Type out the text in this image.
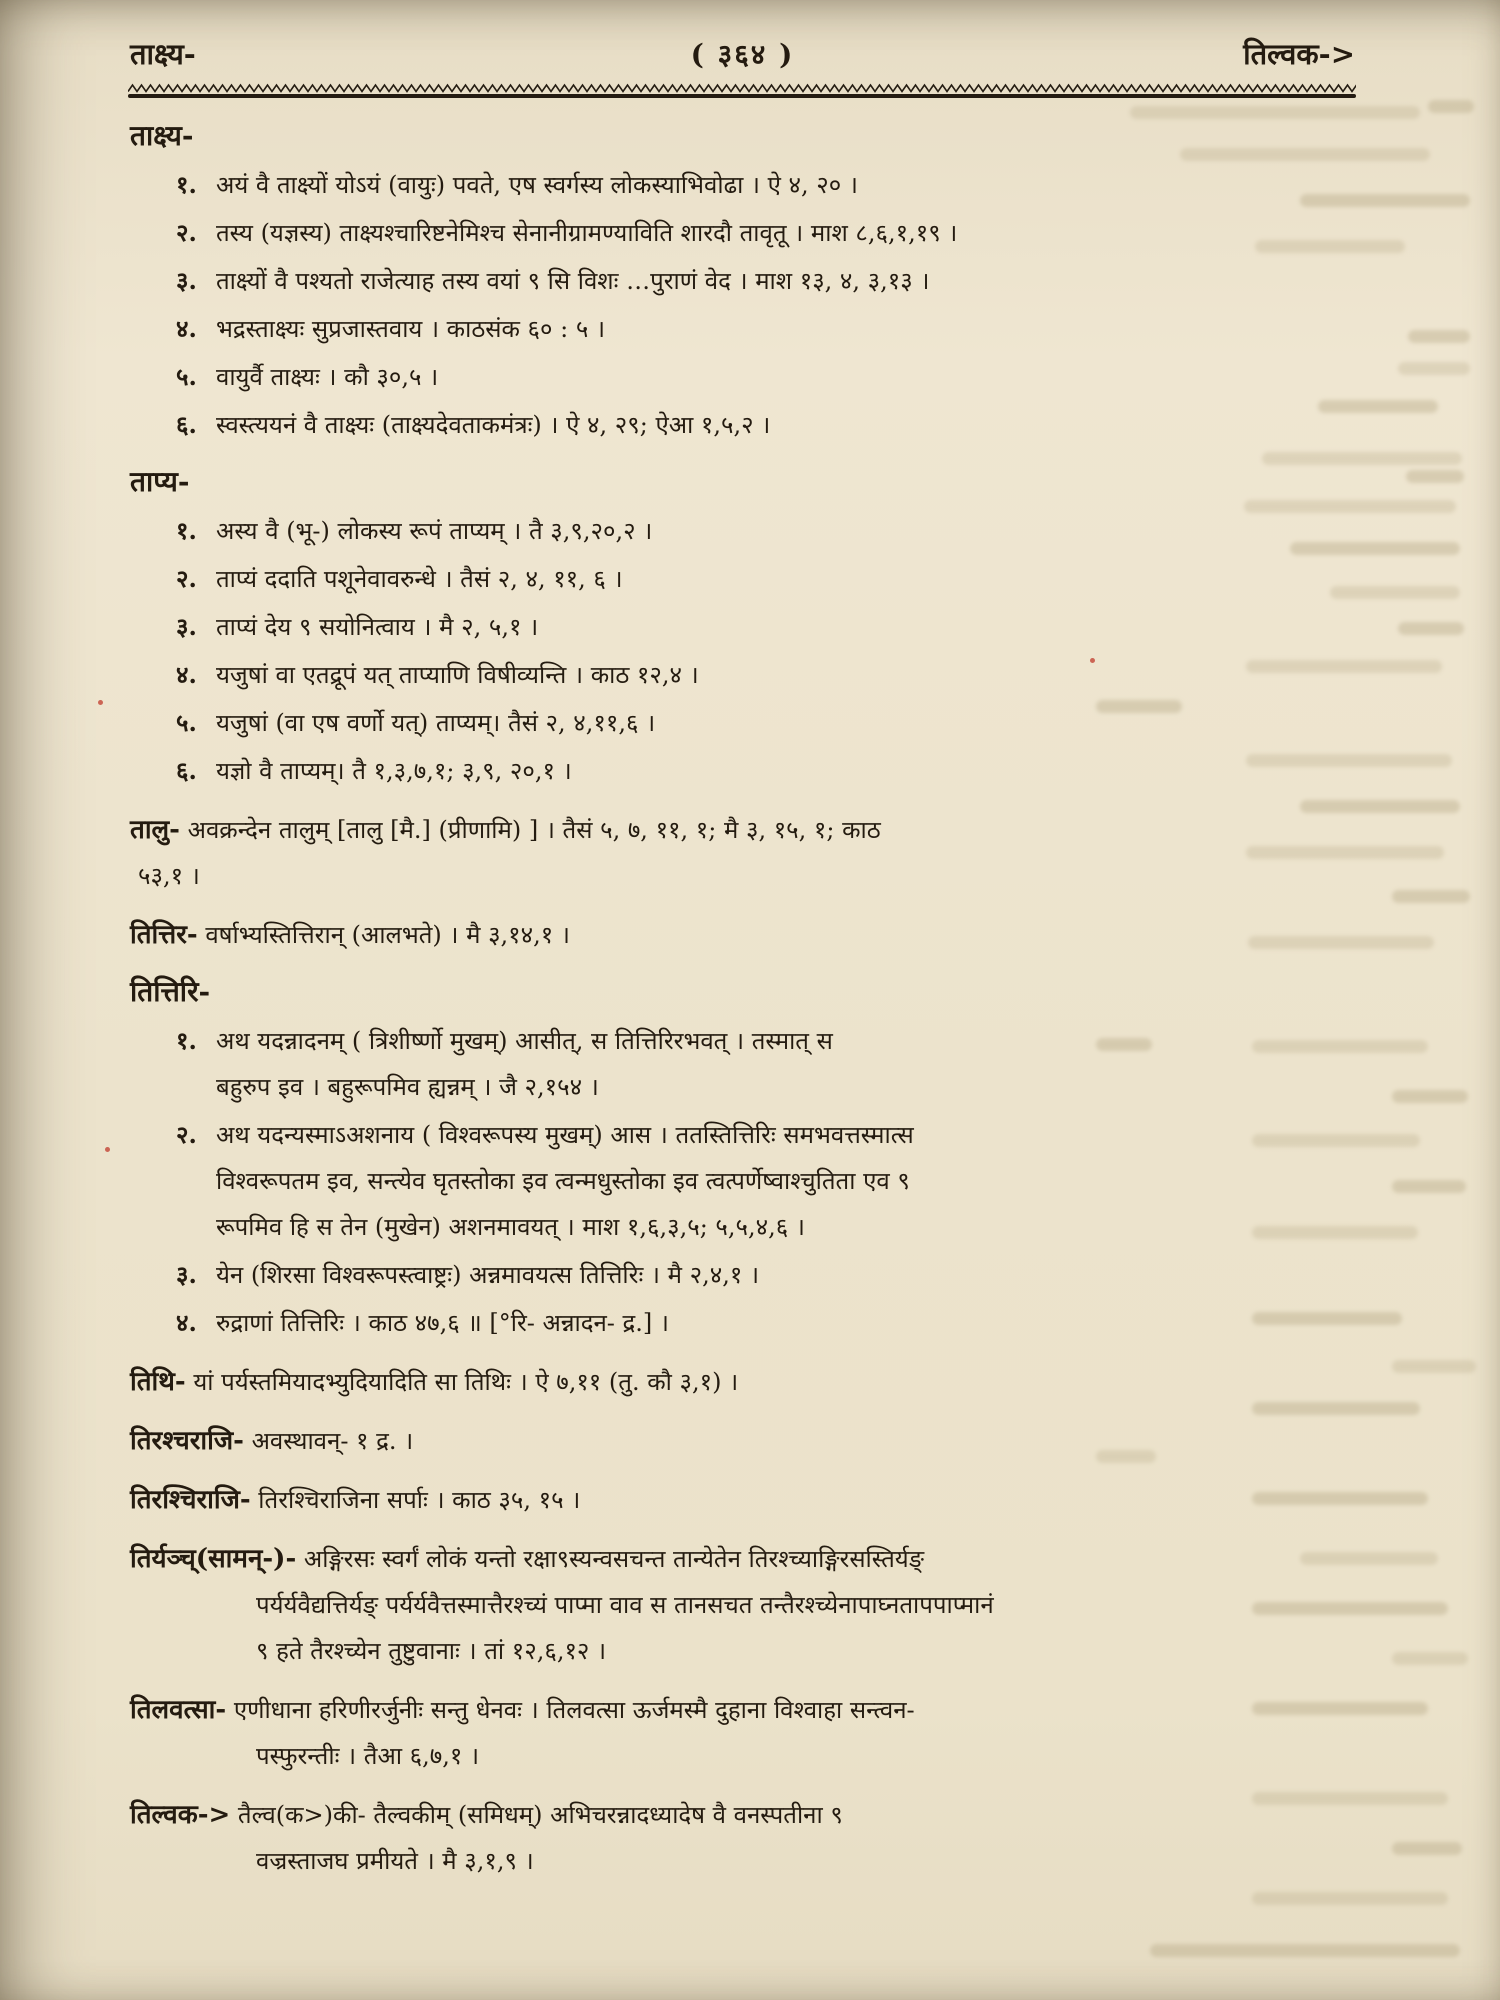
ताक्ष्य-	( ३६४ )	तिल्वक->
ताक्ष्य-
१. अयं वै ताक्ष्यों योऽयं (वायुः) पवते, एष स्वर्गस्य लोकस्याभिवोढा । ऐ ४, २० ।
२. तस्य (यज्ञस्य) ताक्ष्यश्चारिष्टनेमिश्च सेनानीग्रामण्याविति शारदौ तावृतू । माश ८,६,१,१९ ।
३. ताक्ष्यों वै पश्यतो राजेत्याह तस्य वयां ९ सि विशः …पुराणं वेद । माश १३, ४, ३,१३ ।
४. भद्रस्ताक्ष्यः सुप्रजास्तवाय । काठसंक ६० : ५ ।
५. वायुर्वै ताक्ष्यः । कौ ३०,५ ।
६. स्वस्त्ययनं वै ताक्ष्यः (ताक्ष्यदेवताकमंत्रः) । ऐ ४, २९; ऐआ १,५,२ ।
ताप्य-
१. अस्य वै (भू-) लोकस्य रूपं ताप्यम् । तै ३,९,२०,२ ।
२. ताप्यं ददाति पशूनेवावरुन्धे । तैसं २, ४, ११, ६ ।
३. ताप्यं देय ९ सयोनित्वाय । मै २, ५,१ ।
४. यजुषां वा एतद्रूपं यत् ताप्याणि विषीव्यन्ति । काठ १२,४ ।
५. यजुषां (वा एष वर्णो यत्) ताप्यम्। तैसं २, ४,११,६ ।
६. यज्ञो वै ताप्यम्। तै १,३,७,१; ३,९, २०,१ ।
तालु- अवक्रन्देन तालुम् [तालु [मै.] (प्रीणामि) ] । तैसं ५, ७, ११, १; मै ३, १५, १; काठ
५३,१ ।
तित्तिर- वर्षाभ्यस्तित्तिरान् (आलभते) । मै ३,१४,१ ।
तित्तिरि-
१. अथ यदन्नादनम् ( त्रिशीर्ष्णो मुखम्) आसीत्, स तित्तिरिरभवत् । तस्मात् स
बहुरुप इव । बहुरूपमिव ह्यन्नम् । जै २,१५४ ।
२. अथ यदन्यस्माऽअशनाय ( विश्वरूपस्य मुखम्) आस । ततस्तित्तिरिः समभवत्तस्मात्स
विश्वरूपतम इव, सन्त्येव घृतस्तोका इव त्वन्मधुस्तोका इव त्वत्पर्णेष्वाश्चुतिता एव ९
रूपमिव हि स तेन (मुखेन) अशनमावयत् । माश १,६,३,५; ५,५,४,६ ।
३. येन (शिरसा विश्वरूपस्त्वाष्ट्रः) अन्नमावयत्स तित्तिरिः । मै २,४,१ ।
४. रुद्राणां तित्तिरिः । काठ ४७,६ ॥ [°रि- अन्नादन- द्र.] ।
तिथि- यां पर्यस्तमियादभ्युदियादिति सा तिथिः । ऐ ७,११ (तु. कौ ३,१) ।
तिरश्चराजि- अवस्थावन्- १ द्र. ।
तिरश्चिराजि- तिरश्चिराजिना सर्पाः । काठ ३५, १५ ।
तिर्यञ्च्(सामन्-)- अङ्गिरसः स्वर्गं लोकं यन्तो रक्षा९स्यन्वसचन्त तान्येतेन तिरश्च्याङ्गिरसस्तिर्यङ्
पर्यर्यवैद्यत्तिर्यङ् पर्यर्यवैत्तस्मात्तैरश्च्यं पाप्मा वाव स तानसचत तन्तैरश्च्येनापाघ्नतापपाप्मानं
९ हते तैरश्च्येन तुष्टुवानाः । तां १२,६,१२ ।
तिलवत्सा- एणीधाना हरिणीरर्जुनीः सन्तु धेनवः । तिलवत्सा ऊर्जमस्मै दुहाना विश्वाहा सन्त्वन-
पस्फुरन्तीः । तैआ ६,७,१ ।
तिल्वक-> तैल्व(क>)की- तैल्वकीम् (समिधम्) अभिचरन्नादध्यादेष वै वनस्पतीना ९
वज्रस्ताजघ प्रमीयते । मै ३,१,९ ।
